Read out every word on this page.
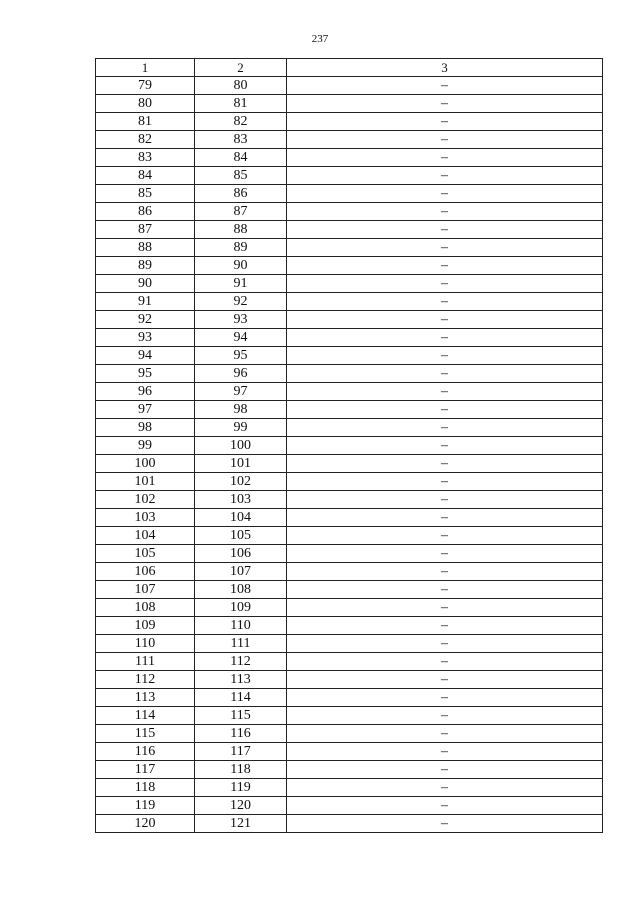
237
1	2	3
79	80	–
80	81	–
81	82	–
82	83	–
83	84	–
84	85	–
85	86	–
86	87	–
87	88	–
88	89	–
89	90	–
90	91	–
91	92	–
92	93	–
93	94	–
94	95	–
95	96	–
96	97	–
97	98	–
98	99	–
99	100	–
100	101	–
101	102	–
102	103	–
103	104	–
104	105	–
105	106	–
106	107	–
107	108	–
108	109	–
109	110	–
110	111	–
111	112	–
112	113	–
113	114	–
114	115	–
115	116	–
116	117	–
117	118	–
118	119	–
119	120	–
120	121	–
